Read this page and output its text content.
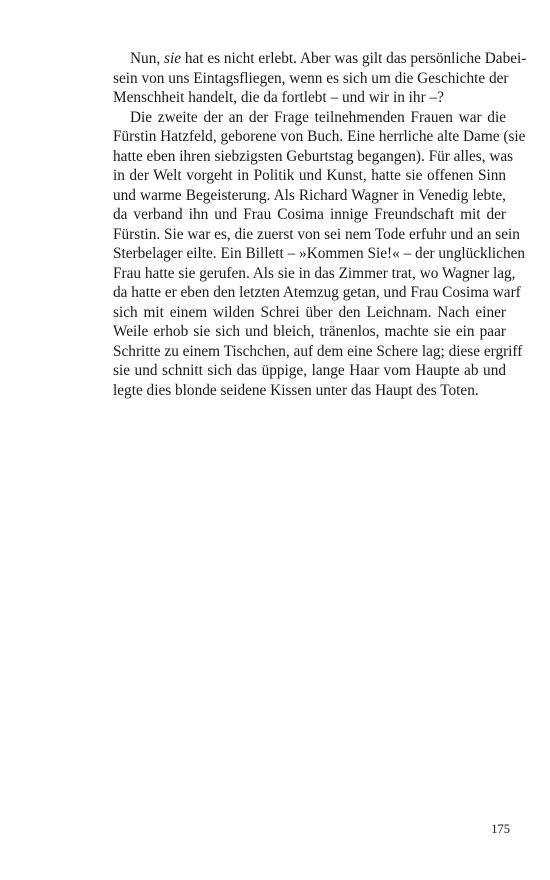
Nun, sie hat es nicht erlebt. Aber was gilt das persönliche Dabei-
sein von uns Eintagsfliegen, wenn es sich um die Geschichte der
Menschheit handelt, die da fortlebt – und wir in ihr –?

Die zweite der an der Frage teilnehmenden Frauen war die
Fürstin Hatzfeld, geborene von Buch. Eine herrliche alte Dame (sie
hatte eben ihren siebzigsten Geburtstag begangen). Für alles, was
in der Welt vorgeht in Politik und Kunst, hatte sie offenen Sinn
und warme Begeisterung. Als Richard Wagner in Venedig lebte,
da verband ihn und Frau Cosima innige Freundschaft mit der
Fürstin. Sie war es, die zuerst von sei nem Tode erfuhr und an sein
Sterbelager eilte. Ein Billett – »Kommen Sie!« – der unglücklichen
Frau hatte sie gerufen. Als sie in das Zimmer trat, wo Wagner lag,
da hatte er eben den letzten Atemzug getan, und Frau Cosima warf
sich mit einem wilden Schrei über den Leichnam. Nach einer
Weile erhob sie sich und bleich, tränenlos, machte sie ein paar
Schritte zu einem Tischchen, auf dem eine Schere lag; diese ergriff
sie und schnitt sich das üppige, lange Haar vom Haupte ab und
legte dies blonde seidene Kissen unter das Haupt des Toten.

175
